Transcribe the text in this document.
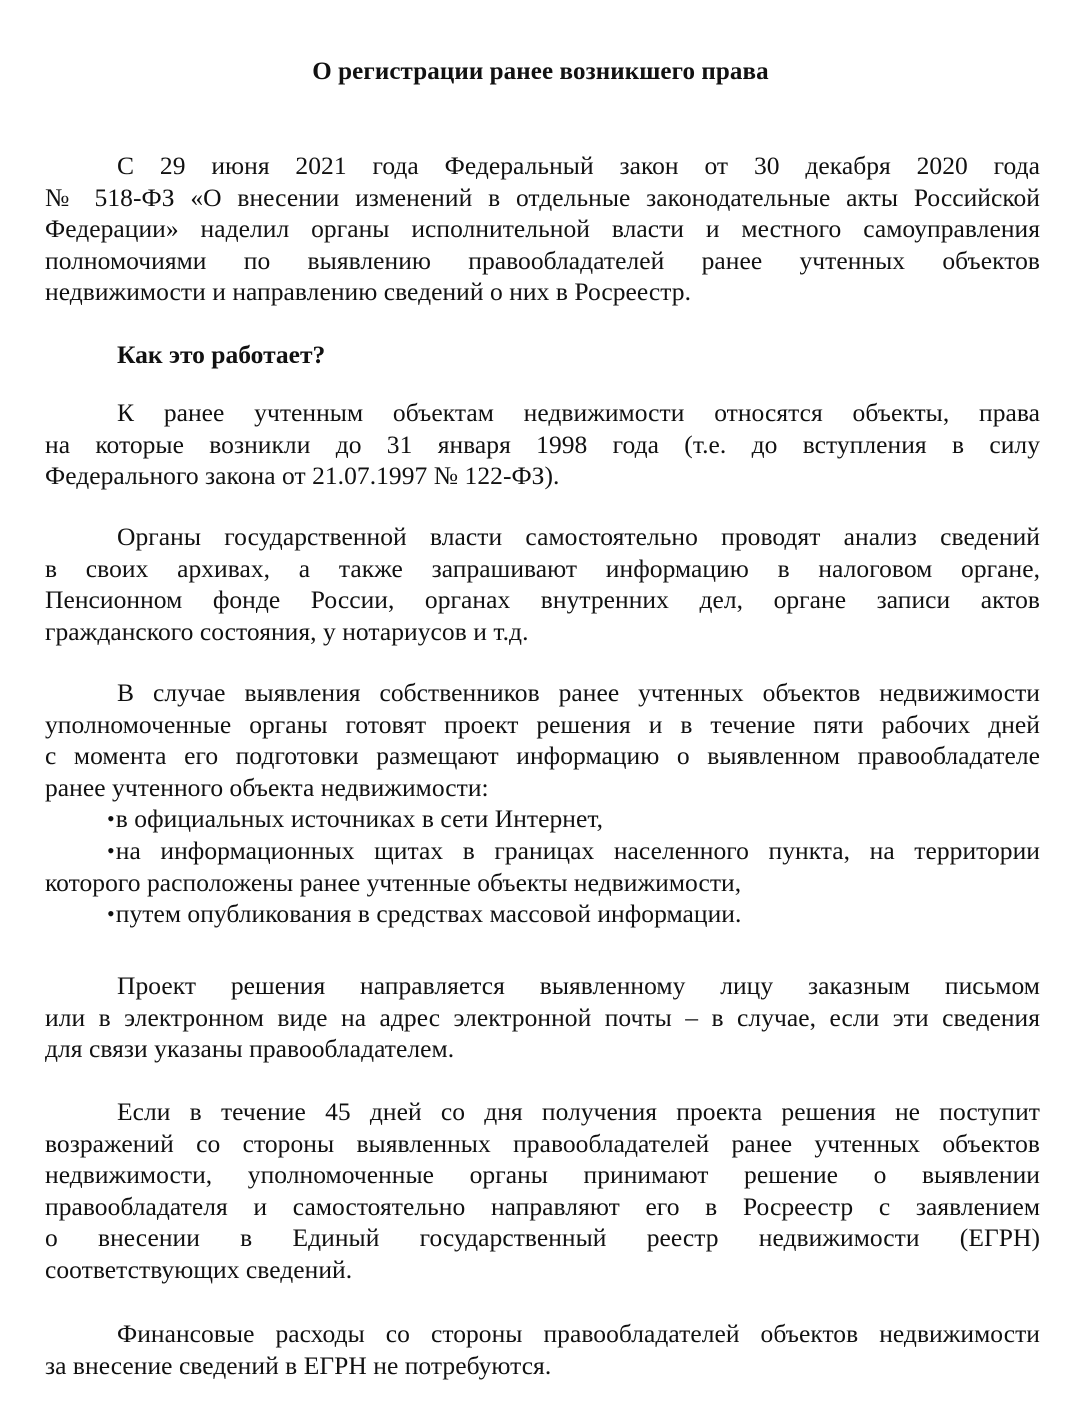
О регистрации ранее возникшего права
С 29 июня 2021 года Федеральный закон от 30 декабря 2020 года
№ 518-ФЗ «О внесении изменений в отдельные законодательные акты Российской
Федерации» наделил органы исполнительной власти и местного самоуправления
полномочиями по выявлению правообладателей ранее учтенных объектов
недвижимости и направлению сведений о них в Росреестр.
Как это работает?
К ранее учтенным объектам недвижимости относятся объекты, права
на которые возникли до 31 января 1998 года (т.е. до вступления в силу
Федерального закона от 21.07.1997 № 122-ФЗ).
Органы государственной власти самостоятельно проводят анализ сведений
в своих архивах, а также запрашивают информацию в налоговом органе,
Пенсионном фонде России, органах внутренних дел, органе записи актов
гражданского состояния, у нотариусов и т.д.
В случае выявления собственников ранее учтенных объектов недвижимости
уполномоченные органы готовят проект решения и в течение пяти рабочих дней
с момента его подготовки размещают информацию о выявленном правообладателе
ранее учтенного объекта недвижимости:
•в официальных источниках в сети Интернет,
•на информационных щитах в границах населенного пункта, на территории
которого расположены ранее учтенные объекты недвижимости,
•путем опубликования в средствах массовой информации.
Проект решения направляется выявленному лицу заказным письмом
или в электронном виде на адрес электронной почты – в случае, если эти сведения
для связи указаны правообладателем.
Если в течение 45 дней со дня получения проекта решения не поступит
возражений со стороны выявленных правообладателей ранее учтенных объектов
недвижимости, уполномоченные органы принимают решение о выявлении
правообладателя и самостоятельно направляют его в Росреестр с заявлением
о внесении в Единый государственный реестр недвижимости (ЕГРН)
соответствующих сведений.
Финансовые расходы со стороны правообладателей объектов недвижимости
за внесение сведений в ЕГРН не потребуются.
